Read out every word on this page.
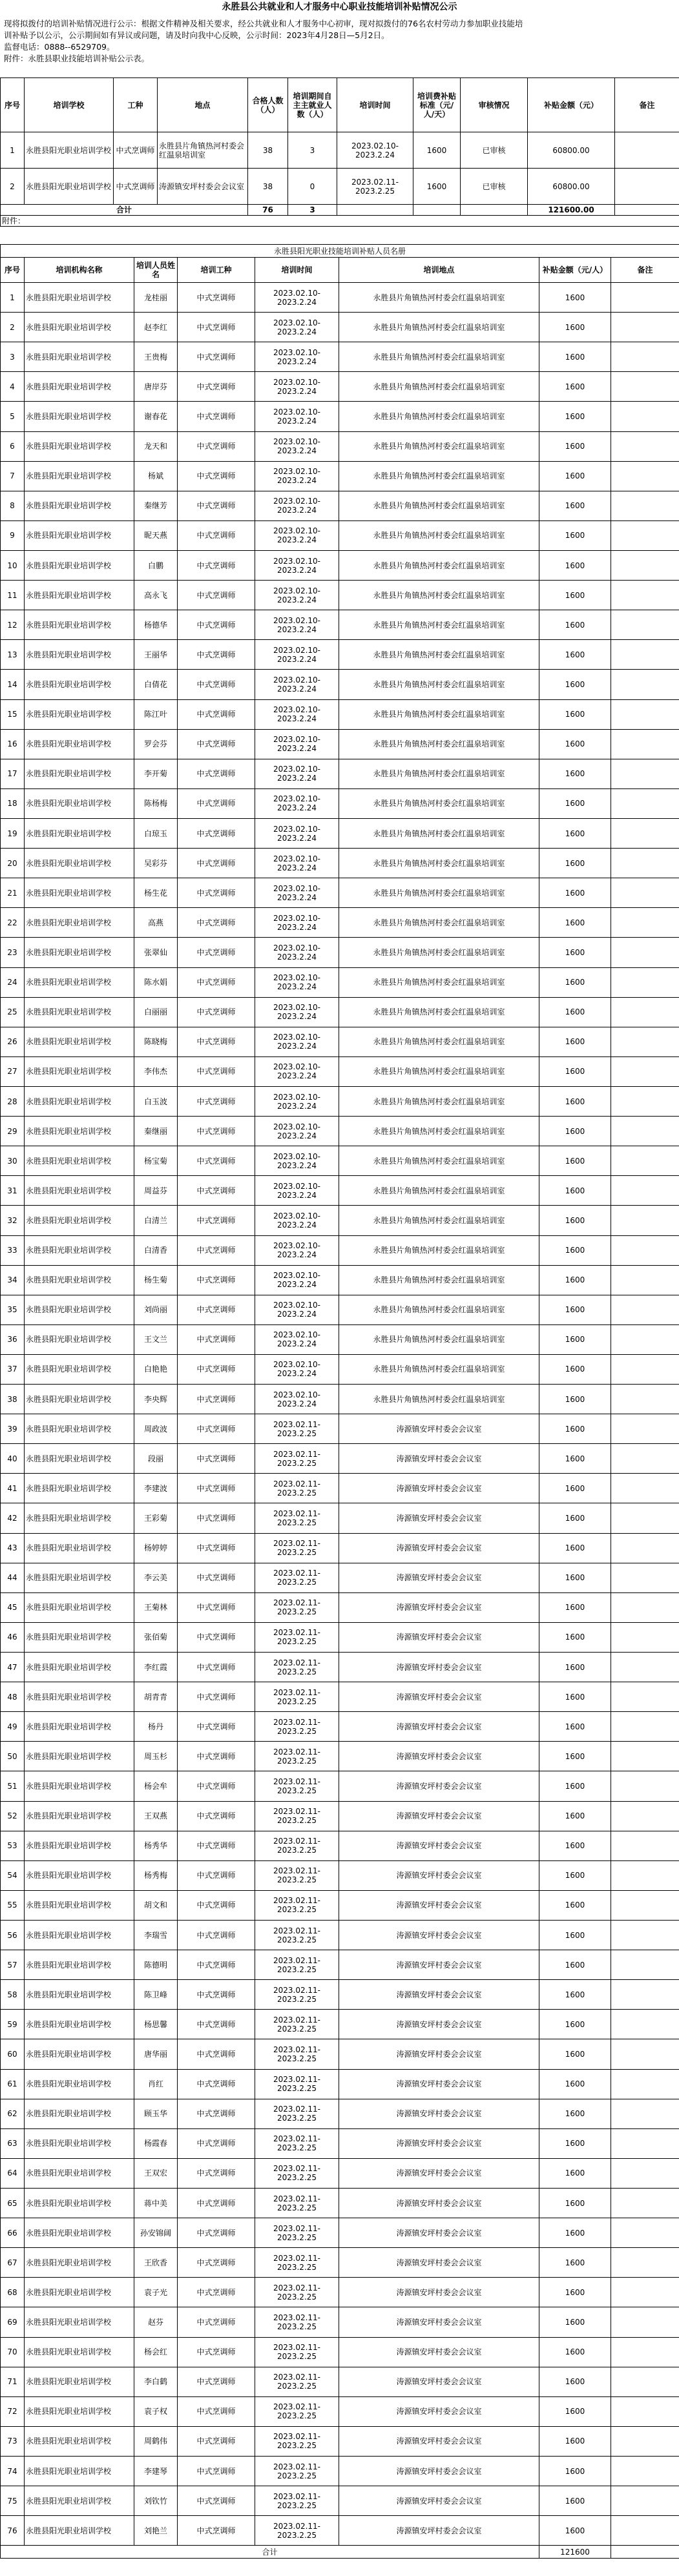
永胜县公共就业和人才服务中心职业技能培训补贴情况公示
现将拟拨付的培训补贴情况进行公示：根据文件精神及相关要求，经公共就业和人才服务中心初审，现对拟拨付的76名农村劳动力参加职业技能培
训补贴予以公示，公示期间如有异议或问题，请及时向我中心反映，公示时间：2023年4月28日—5月2日。
监督电话：0888--6529709。
附件：永胜县职业技能培训补贴公示表。
序号	培训学校	工种	地点	合格人数（人）	培训期间自主主就业人数（人）	培训时间	培训费补贴标准（元/人/天）	审核情况	补贴金额（元）	备注
1	永胜县阳光职业培训学校	中式烹调师	永胜县片角镇热河村委会红温泉培训室	38	3	2023.02.10-2023.2.24	1600	已审核	60800.00	
2	永胜县阳光职业培训学校	中式烹调师	涛源镇安坪村委会会议室	38	0	2023.02.11-2023.2.25	1600	已审核	60800.00	
合计				76	3				121600.00	
附件：										
永胜县阳光职业技能培训补贴人员名册							
序号	培训机构名称	培训人员姓名	培训工种	培训时间	培训地点	补贴金额（元/人）	备注
1	永胜县阳光职业培训学校	龙桂丽	中式烹调师	2023.02.10-2023.2.24	永胜县片角镇热河村委会红温泉培训室	1600	
2	永胜县阳光职业培训学校	赵李红	中式烹调师	2023.02.10-2023.2.24	永胜县片角镇热河村委会红温泉培训室	1600	
3	永胜县阳光职业培训学校	王贵梅	中式烹调师	2023.02.10-2023.2.24	永胜县片角镇热河村委会红温泉培训室	1600	
4	永胜县阳光职业培训学校	唐岸芬	中式烹调师	2023.02.10-2023.2.24	永胜县片角镇热河村委会红温泉培训室	1600	
5	永胜县阳光职业培训学校	谢春花	中式烹调师	2023.02.10-2023.2.24	永胜县片角镇热河村委会红温泉培训室	1600	
6	永胜县阳光职业培训学校	龙天和	中式烹调师	2023.02.10-2023.2.24	永胜县片角镇热河村委会红温泉培训室	1600	
7	永胜县阳光职业培训学校	杨斌	中式烹调师	2023.02.10-2023.2.24	永胜县片角镇热河村委会红温泉培训室	1600	
8	永胜县阳光职业培训学校	秦继芳	中式烹调师	2023.02.10-2023.2.24	永胜县片角镇热河村委会红温泉培训室	1600	
9	永胜县阳光职业培训学校	昵天燕	中式烹调师	2023.02.10-2023.2.24	永胜县片角镇热河村委会红温泉培训室	1600	
10	永胜县阳光职业培训学校	白鹏	中式烹调师	2023.02.10-2023.2.24	永胜县片角镇热河村委会红温泉培训室	1600	
11	永胜县阳光职业培训学校	高永飞	中式烹调师	2023.02.10-2023.2.24	永胜县片角镇热河村委会红温泉培训室	1600	
12	永胜县阳光职业培训学校	杨德华	中式烹调师	2023.02.10-2023.2.24	永胜县片角镇热河村委会红温泉培训室	1600	
13	永胜县阳光职业培训学校	王丽华	中式烹调师	2023.02.10-2023.2.24	永胜县片角镇热河村委会红温泉培训室	1600	
14	永胜县阳光职业培训学校	白倩花	中式烹调师	2023.02.10-2023.2.24	永胜县片角镇热河村委会红温泉培训室	1600	
15	永胜县阳光职业培训学校	陈江叶	中式烹调师	2023.02.10-2023.2.24	永胜县片角镇热河村委会红温泉培训室	1600	
16	永胜县阳光职业培训学校	罗会芬	中式烹调师	2023.02.10-2023.2.24	永胜县片角镇热河村委会红温泉培训室	1600	
17	永胜县阳光职业培训学校	李开菊	中式烹调师	2023.02.10-2023.2.24	永胜县片角镇热河村委会红温泉培训室	1600	
18	永胜县阳光职业培训学校	陈杨梅	中式烹调师	2023.02.10-2023.2.24	永胜县片角镇热河村委会红温泉培训室	1600	
19	永胜县阳光职业培训学校	白琼玉	中式烹调师	2023.02.10-2023.2.24	永胜县片角镇热河村委会红温泉培训室	1600	
20	永胜县阳光职业培训学校	吴彩芬	中式烹调师	2023.02.10-2023.2.24	永胜县片角镇热河村委会红温泉培训室	1600	
21	永胜县阳光职业培训学校	杨生花	中式烹调师	2023.02.10-2023.2.24	永胜县片角镇热河村委会红温泉培训室	1600	
22	永胜县阳光职业培训学校	高燕	中式烹调师	2023.02.10-2023.2.24	永胜县片角镇热河村委会红温泉培训室	1600	
23	永胜县阳光职业培训学校	张翠仙	中式烹调师	2023.02.10-2023.2.24	永胜县片角镇热河村委会红温泉培训室	1600	
24	永胜县阳光职业培训学校	陈水娟	中式烹调师	2023.02.10-2023.2.24	永胜县片角镇热河村委会红温泉培训室	1600	
25	永胜县阳光职业培训学校	白丽丽	中式烹调师	2023.02.10-2023.2.24	永胜县片角镇热河村委会红温泉培训室	1600	
26	永胜县阳光职业培训学校	陈晓梅	中式烹调师	2023.02.10-2023.2.24	永胜县片角镇热河村委会红温泉培训室	1600	
27	永胜县阳光职业培训学校	李伟杰	中式烹调师	2023.02.10-2023.2.24	永胜县片角镇热河村委会红温泉培训室	1600	
28	永胜县阳光职业培训学校	白玉波	中式烹调师	2023.02.10-2023.2.24	永胜县片角镇热河村委会红温泉培训室	1600	
29	永胜县阳光职业培训学校	秦继丽	中式烹调师	2023.02.10-2023.2.24	永胜县片角镇热河村委会红温泉培训室	1600	
30	永胜县阳光职业培训学校	杨宝菊	中式烹调师	2023.02.10-2023.2.24	永胜县片角镇热河村委会红温泉培训室	1600	
31	永胜县阳光职业培训学校	周益芬	中式烹调师	2023.02.10-2023.2.24	永胜县片角镇热河村委会红温泉培训室	1600	
32	永胜县阳光职业培训学校	白清兰	中式烹调师	2023.02.10-2023.2.24	永胜县片角镇热河村委会红温泉培训室	1600	
33	永胜县阳光职业培训学校	白清香	中式烹调师	2023.02.10-2023.2.24	永胜县片角镇热河村委会红温泉培训室	1600	
34	永胜县阳光职业培训学校	杨生菊	中式烹调师	2023.02.10-2023.2.24	永胜县片角镇热河村委会红温泉培训室	1600	
35	永胜县阳光职业培训学校	刘尚丽	中式烹调师	2023.02.10-2023.2.24	永胜县片角镇热河村委会红温泉培训室	1600	
36	永胜县阳光职业培训学校	王文兰	中式烹调师	2023.02.10-2023.2.24	永胜县片角镇热河村委会红温泉培训室	1600	
37	永胜县阳光职业培训学校	白艳艳	中式烹调师	2023.02.10-2023.2.24	永胜县片角镇热河村委会红温泉培训室	1600	
38	永胜县阳光职业培训学校	李央辉	中式烹调师	2023.02.10-2023.2.24	永胜县片角镇热河村委会红温泉培训室	1600	
39	永胜县阳光职业培训学校	周政波	中式烹调师	2023.02.11-2023.2.25	涛源镇安坪村委会会议室	1600	
40	永胜县阳光职业培训学校	段丽	中式烹调师	2023.02.11-2023.2.25	涛源镇安坪村委会会议室	1600	
41	永胜县阳光职业培训学校	李建波	中式烹调师	2023.02.11-2023.2.25	涛源镇安坪村委会会议室	1600	
42	永胜县阳光职业培训学校	王彩菊	中式烹调师	2023.02.11-2023.2.25	涛源镇安坪村委会会议室	1600	
43	永胜县阳光职业培训学校	杨婷婷	中式烹调师	2023.02.11-2023.2.25	涛源镇安坪村委会会议室	1600	
44	永胜县阳光职业培训学校	李云美	中式烹调师	2023.02.11-2023.2.25	涛源镇安坪村委会会议室	1600	
45	永胜县阳光职业培训学校	王菊林	中式烹调师	2023.02.11-2023.2.25	涛源镇安坪村委会会议室	1600	
46	永胜县阳光职业培训学校	张佰菊	中式烹调师	2023.02.11-2023.2.25	涛源镇安坪村委会会议室	1600	
47	永胜县阳光职业培训学校	李红霞	中式烹调师	2023.02.11-2023.2.25	涛源镇安坪村委会会议室	1600	
48	永胜县阳光职业培训学校	胡青青	中式烹调师	2023.02.11-2023.2.25	涛源镇安坪村委会会议室	1600	
49	永胜县阳光职业培训学校	杨丹	中式烹调师	2023.02.11-2023.2.25	涛源镇安坪村委会会议室	1600	
50	永胜县阳光职业培训学校	周玉杉	中式烹调师	2023.02.11-2023.2.25	涛源镇安坪村委会会议室	1600	
51	永胜县阳光职业培训学校	杨会牟	中式烹调师	2023.02.11-2023.2.25	涛源镇安坪村委会会议室	1600	
52	永胜县阳光职业培训学校	王双燕	中式烹调师	2023.02.11-2023.2.25	涛源镇安坪村委会会议室	1600	
53	永胜县阳光职业培训学校	杨秀华	中式烹调师	2023.02.11-2023.2.25	涛源镇安坪村委会会议室	1600	
54	永胜县阳光职业培训学校	杨秀梅	中式烹调师	2023.02.11-2023.2.25	涛源镇安坪村委会会议室	1600	
55	永胜县阳光职业培训学校	胡文和	中式烹调师	2023.02.11-2023.2.25	涛源镇安坪村委会会议室	1600	
56	永胜县阳光职业培训学校	李瑞雪	中式烹调师	2023.02.11-2023.2.25	涛源镇安坪村委会会议室	1600	
57	永胜县阳光职业培训学校	陈德明	中式烹调师	2023.02.11-2023.2.25	涛源镇安坪村委会会议室	1600	
58	永胜县阳光职业培训学校	陈卫峰	中式烹调师	2023.02.11-2023.2.25	涛源镇安坪村委会会议室	1600	
59	永胜县阳光职业培训学校	杨思馨	中式烹调师	2023.02.11-2023.2.25	涛源镇安坪村委会会议室	1600	
60	永胜县阳光职业培训学校	唐华丽	中式烹调师	2023.02.11-2023.2.25	涛源镇安坪村委会会议室	1600	
61	永胜县阳光职业培训学校	肖红	中式烹调师	2023.02.11-2023.2.25	涛源镇安坪村委会会议室	1600	
62	永胜县阳光职业培训学校	顾玉华	中式烹调师	2023.02.11-2023.2.25	涛源镇安坪村委会会议室	1600	
63	永胜县阳光职业培训学校	杨霞春	中式烹调师	2023.02.11-2023.2.25	涛源镇安坪村委会会议室	1600	
64	永胜县阳光职业培训学校	王双宏	中式烹调师	2023.02.11-2023.2.25	涛源镇安坪村委会会议室	1600	
65	永胜县阳光职业培训学校	蒋中美	中式烹调师	2023.02.11-2023.2.25	涛源镇安坪村委会会议室	1600	
66	永胜县阳光职业培训学校	孙安锦阔	中式烹调师	2023.02.11-2023.2.25	涛源镇安坪村委会会议室	1600	
67	永胜县阳光职业培训学校	王欣香	中式烹调师	2023.02.11-2023.2.25	涛源镇安坪村委会会议室	1600	
68	永胜县阳光职业培训学校	袁子光	中式烹调师	2023.02.11-2023.2.25	涛源镇安坪村委会会议室	1600	
69	永胜县阳光职业培训学校	赵芬	中式烹调师	2023.02.11-2023.2.25	涛源镇安坪村委会会议室	1600	
70	永胜县阳光职业培训学校	杨会红	中式烹调师	2023.02.11-2023.2.25	涛源镇安坪村委会会议室	1600	
71	永胜县阳光职业培训学校	李白鹤	中式烹调师	2023.02.11-2023.2.25	涛源镇安坪村委会会议室	1600	
72	永胜县阳光职业培训学校	袁子权	中式烹调师	2023.02.11-2023.2.25	涛源镇安坪村委会会议室	1600	
73	永胜县阳光职业培训学校	周鹤伟	中式烹调师	2023.02.11-2023.2.25	涛源镇安坪村委会会议室	1600	
74	永胜县阳光职业培训学校	李建琴	中式烹调师	2023.02.11-2023.2.25	涛源镇安坪村委会会议室	1600	
75	永胜县阳光职业培训学校	刘钦竹	中式烹调师	2023.02.11-2023.2.25	涛源镇安坪村委会会议室	1600	
76	永胜县阳光职业培训学校	刘艳兰	中式烹调师	2023.02.11-2023.2.25	涛源镇安坪村委会会议室	1600	
合计						121600	
